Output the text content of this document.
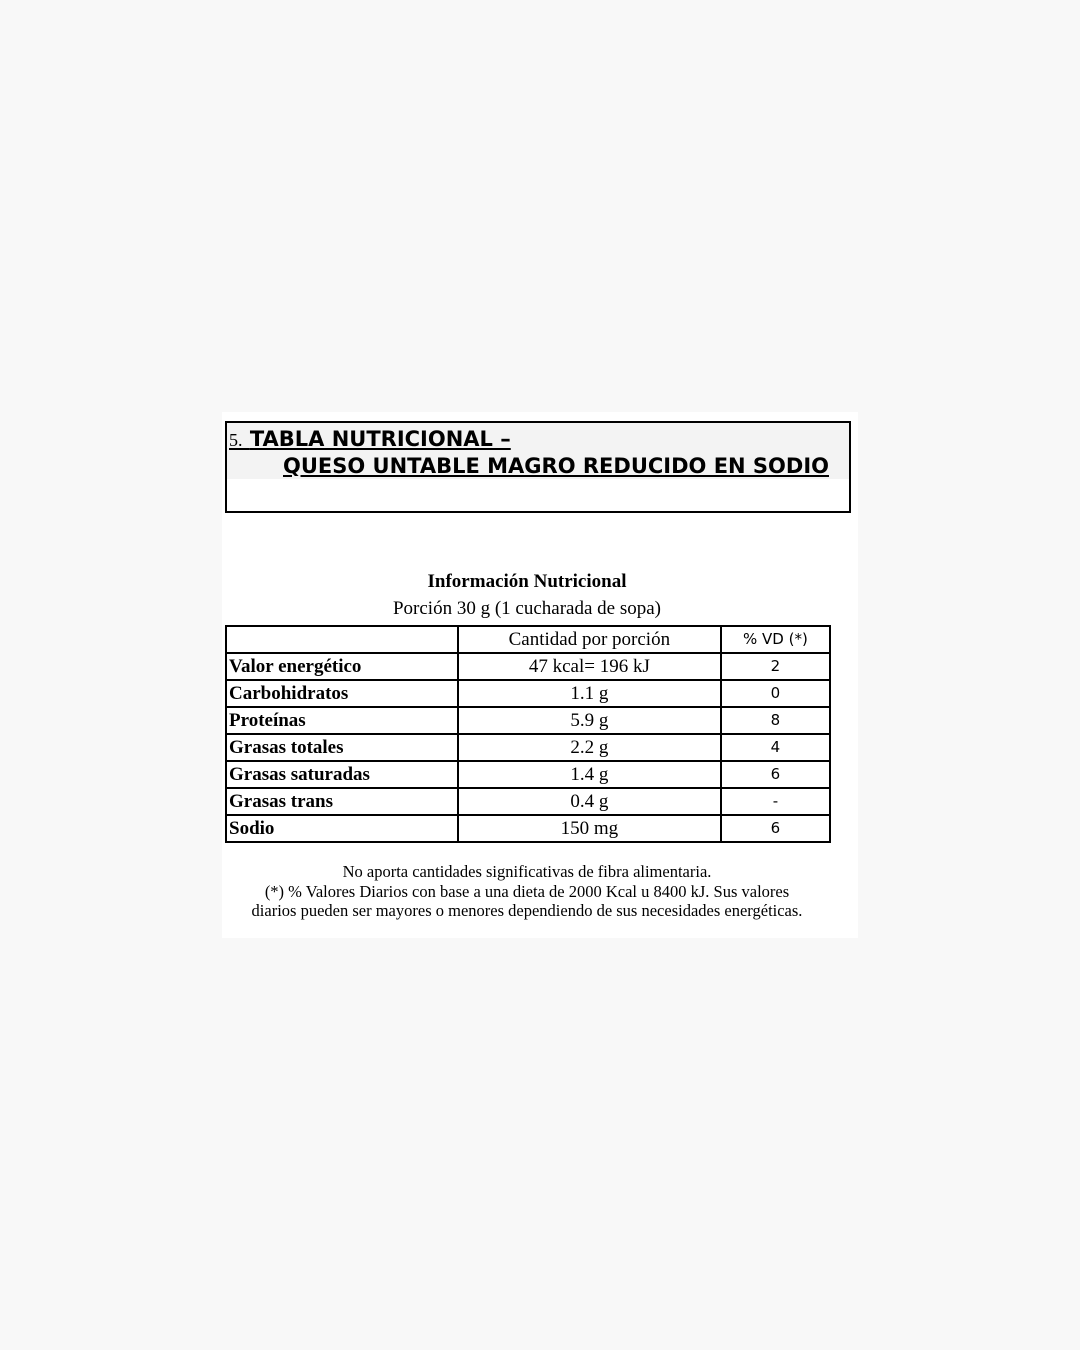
5. TABLA NUTRICIONAL –
QUESO UNTABLE MAGRO REDUCIDO EN SODIO
Información Nutricional
Porción 30 g (1 cucharada de sopa)
	Cantidad por porción	% VD (*)
Valor energético	47 kcal= 196 kJ	2
Carbohidratos	1.1 g	0
Proteínas	5.9 g	8
Grasas totales	2.2 g	4
Grasas saturadas	1.4 g	6
Grasas trans	0.4 g	-
Sodio	150 mg	6
No aporta cantidades significativas de fibra alimentaria.
(*) % Valores Diarios con base a una dieta de 2000 Kcal u 8400 kJ. Sus valores
diarios pueden ser mayores o menores dependiendo de sus necesidades energéticas.
